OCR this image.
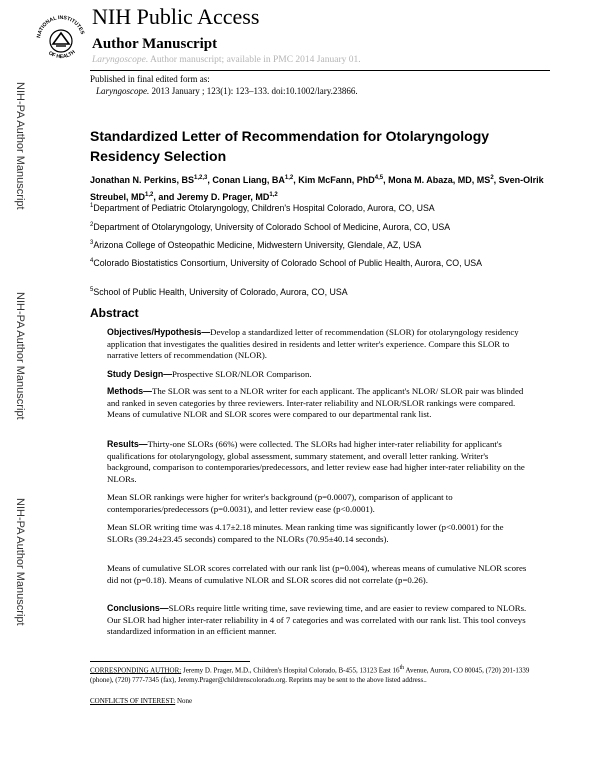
NATIONAL INSTITUTES
OF HEALTH
NIH Public Access
Author Manuscript
Laryngoscope. Author manuscript; available in PMC 2014 January 01.
Published in final edited form as:
Laryngoscope. 2013 January ; 123(1): 123–133. doi:10.1002/lary.23866.
NIH-PA Author Manuscript
NIH-PA Author Manuscript
NIH-PA Author Manuscript
Standardized Letter of Recommendation for Otolaryngology Residency Selection
Jonathan N. Perkins, BS$^{1,2,3}$, Conan Liang, BA$^{1,2}$, Kim McFann, PhD$^{4,5}$, Mona M. Abaza, MD, $MS^2$, Sven-Olrik Streubel, MD$^{1,2}$, and Jeremy D. Prager, MD$^{1,2}$
$^1$Department of Pediatric Otolaryngology, Children's Hospital Colorado, Aurora, CO, USA
$^2$Department of Otolaryngology, University of Colorado School of Medicine, Aurora, CO, USA
$^3$Arizona College of Osteopathic Medicine, Midwestern University, Glendale, AZ, USA
$^4$Colorado Biostatistics Consortium, University of Colorado School of Public Health, Aurora, CO, USA
$^5$School of Public Health, University of Colorado, Aurora, CO, USA
Abstract
Objectives/Hypothesis—Develop a standardized letter of recommendation (SLOR) for otolaryngology residency application that investigates the qualities desired in residents and letter writer's experience. Compare this SLOR to narrative letters of recommendation (NLOR).
Study Design—Prospective SLOR/NLOR Comparison.
Methods—The SLOR was sent to a NLOR writer for each applicant. The applicant's NLOR/ SLOR pair was blinded and ranked in seven categories by three reviewers. Inter-rater reliability and NLOR/SLOR rankings were compared. Means of cumulative NLOR and SLOR scores were compared to our departmental rank list.
Results—Thirty-one SLORs (66%) were collected. The SLORs had higher inter-rater reliability for applicant's qualifications for otolaryngology, global assessment, summary statement, and overall letter ranking. Writer's background, comparison to contemporaries/predecessors, and letter review ease had higher inter-rater reliability on the NLORs.
Mean SLOR rankings were higher for writer's background (p=0.0007), comparison of applicant to contemporaries/predecessors (p=0.0031), and letter review ease (p<0.0001).
Mean SLOR writing time was 4.17±2.18 minutes. Mean ranking time was significantly lower (p<0.0001) for the SLORs (39.24±23.45 seconds) compared to the NLORs (70.95±40.14 seconds).
Means of cumulative SLOR scores correlated with our rank list (p=0.004), whereas means of cumulative NLOR scores did not (p=0.18). Means of cumulative NLOR and SLOR scores did not correlate (p=0.26).
Conclusions—SLORs require little writing time, save reviewing time, and are easier to review compared to NLORs. Our SLOR had higher inter-rater reliability in 4 of 7 categories and was correlated with our rank list. This tool conveys standardized information in an efficient manner.
CORRESPONDING AUTHOR: Jeremy D. Prager, M.D., Children's Hospital Colorado, B-455, 13123 East 16th Avenue, Aurora, CO 80045, (720) 201-1339 (phone), (720) 777-7345 (fax), Jeremy.Prager@childrenscolorado.org. Reprints may be sent to the above listed address..
CONFLICTS OF INTEREST: None
